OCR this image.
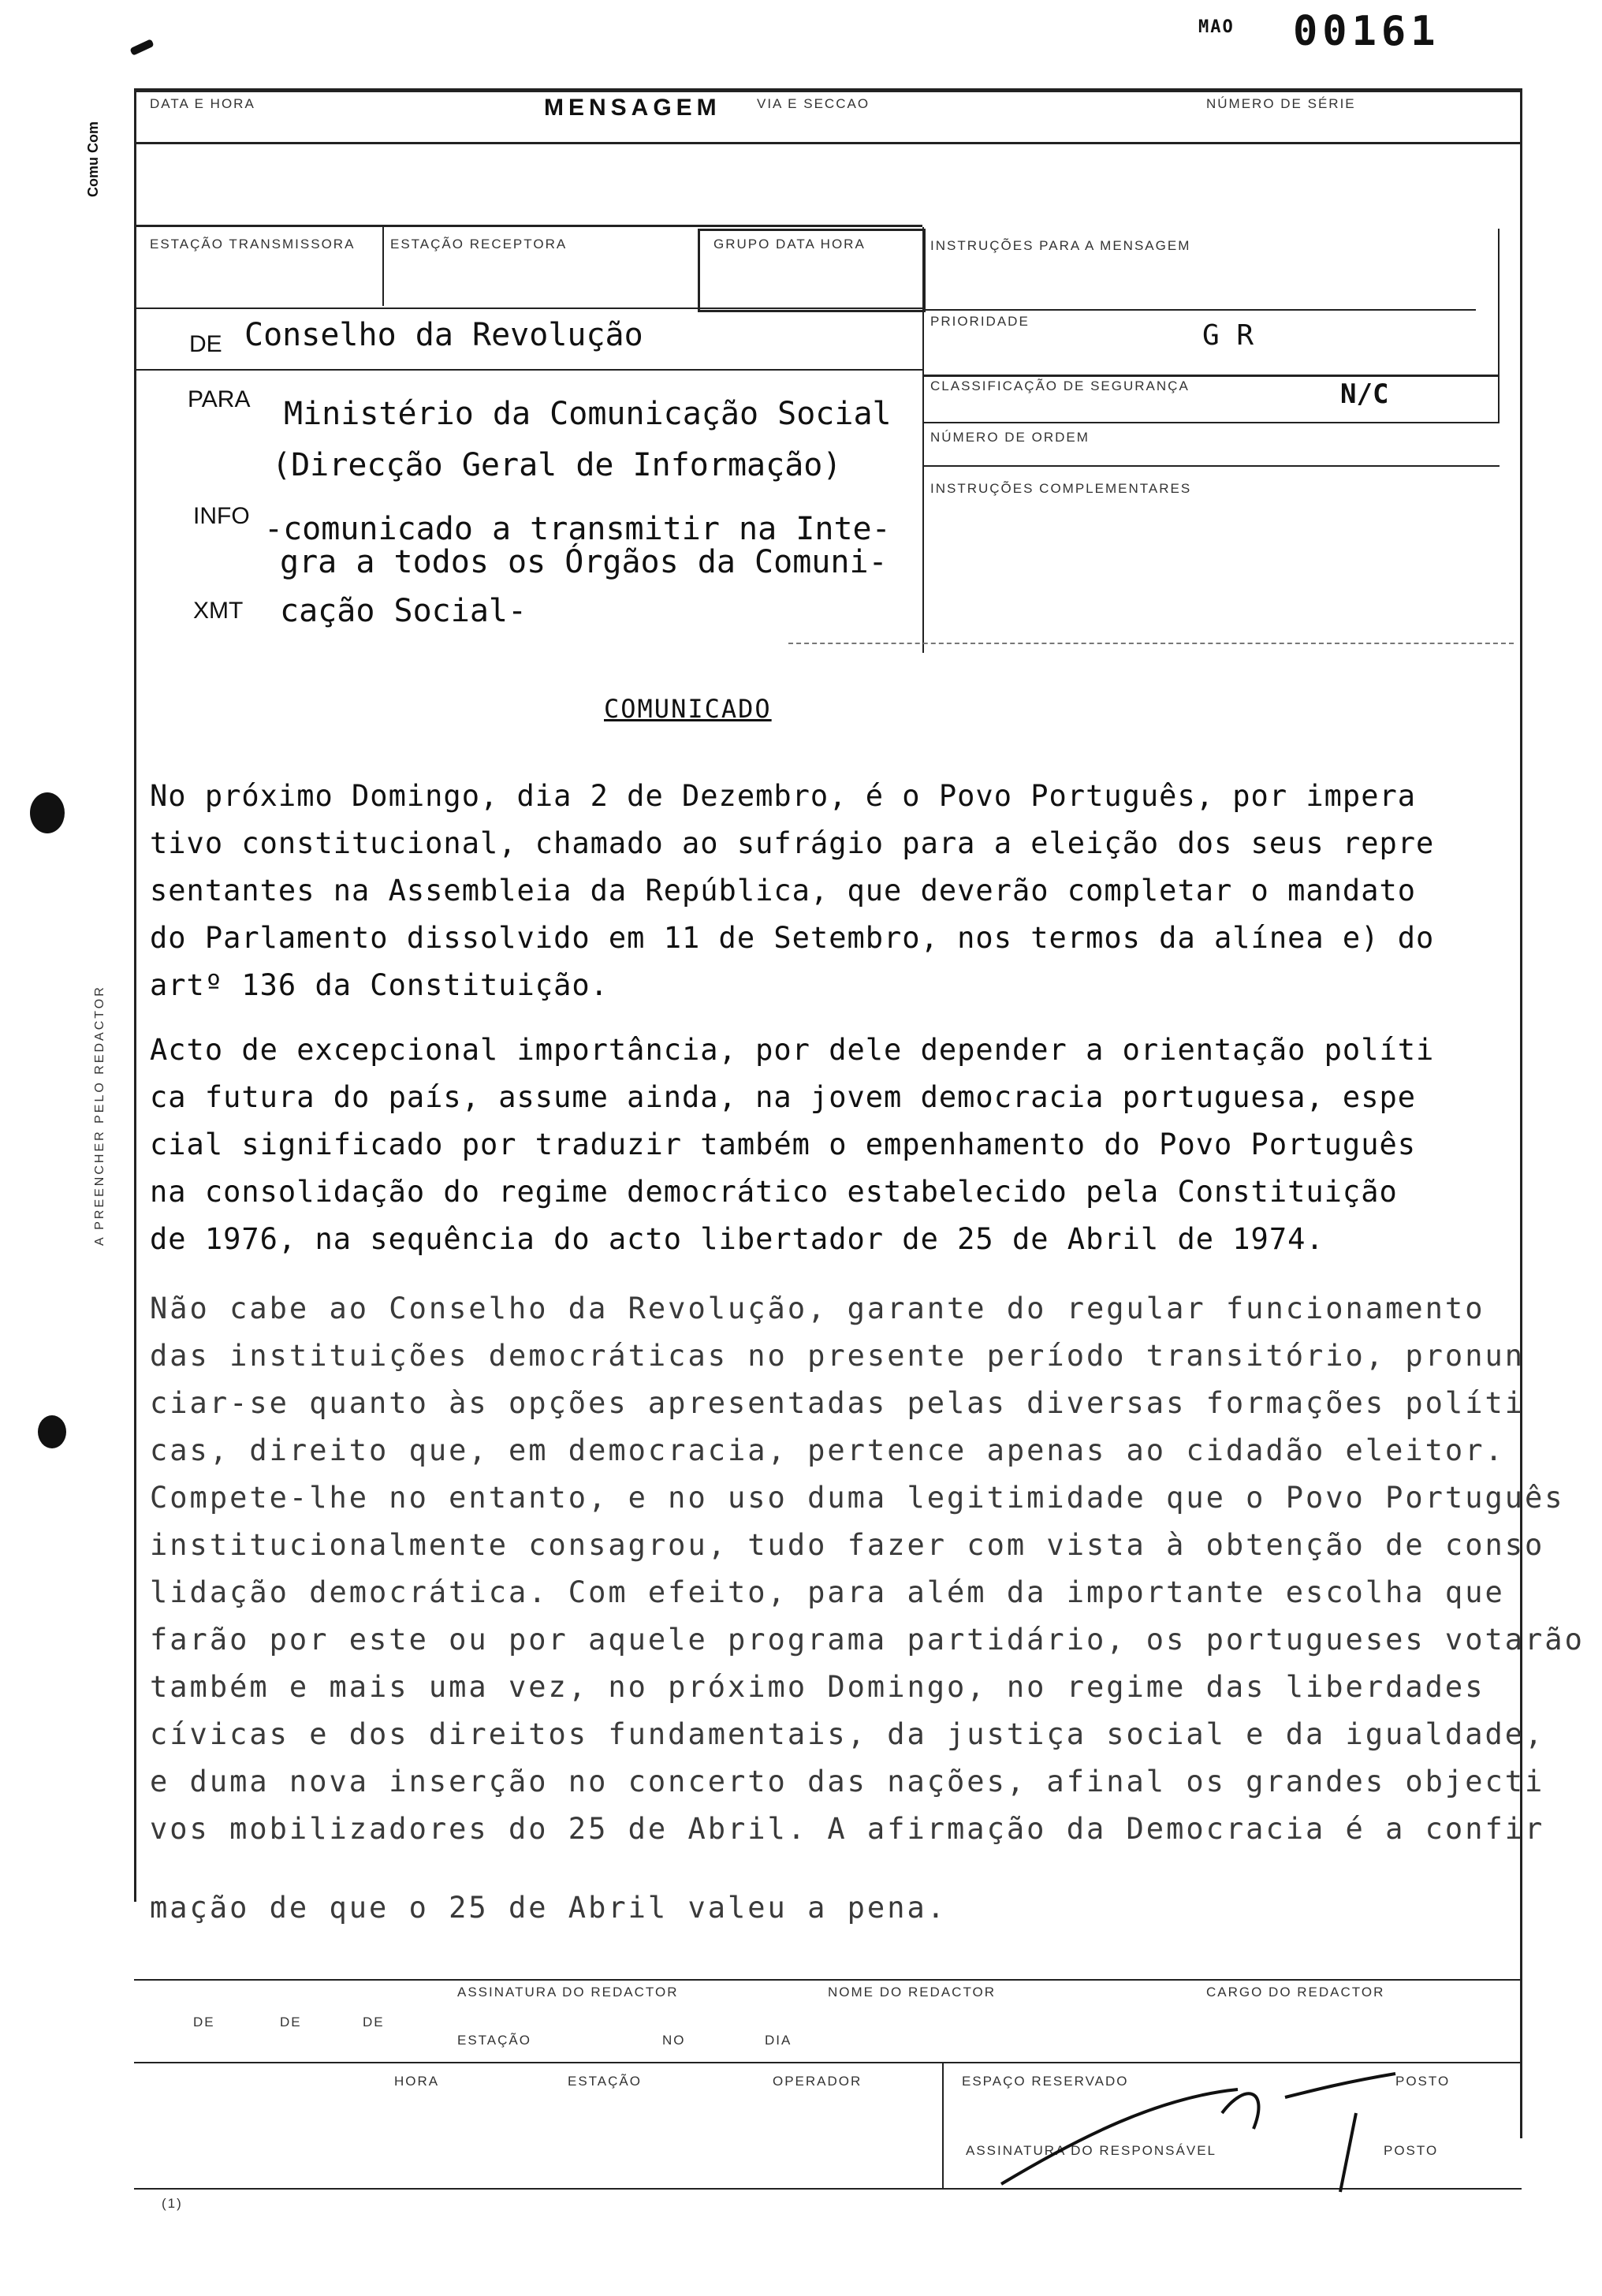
MAO 00161
DATA E HORA	MENSAGEM	VIA E SECCAO	NÚMERO DE SÉRIE
Comu Com
ESTAÇÃO TRANSMISSORA	ESTAÇÃO RECEPTORA	GRUPO DATA HORA
DE Conselho da Revolução
PARA Ministério da Comunicação Social
(Direcção Geral de Informação)
INFO -comunicado a transmitir na Inte-
gra a todos os Órgãos da Comuni-
XMT cação Social-
INSTRUÇÕES PARA A MENSAGEM
PRIORIDADE	G R
CLASSIFICAÇÃO DE SEGURANÇA	N/C
NÚMERO DE ORDEM
INSTRUÇÕES COMPLEMENTARES
COMUNICADO
No próximo Domingo, dia 2 de Dezembro, é o Povo Português, por impera
tivo constitucional, chamado ao sufrágio para a eleição dos seus repre
sentantes na Assembleia da República, que deverão completar o mandato
do Parlamento dissolvido em 11 de Setembro, nos termos da alínea e) do
artº 136 da Constituição.
Acto de excepcional importância, por dele depender a orientação políti
ca futura do país, assume ainda, na jovem democracia portuguesa, espe
cial significado por traduzir também o empenhamento do Povo Português
na consolidação do regime democrático estabelecido pela Constituição
de 1976, na sequência do acto libertador de 25 de Abril de 1974.
Não cabe ao Conselho da Revolução, garante do regular funcionamento
das instituições democráticas no presente período transitório, pronun
ciar-se quanto às opções apresentadas pelas diversas formações políti
cas, direito que, em democracia, pertence apenas ao cidadão eleitor.
Compete-lhe no entanto, e no uso duma legitimidade que o Povo Português
institucionalmente consagrou, tudo fazer com vista à obtenção de conso
lidação democrática. Com efeito, para além da importante escolha que
farão por este ou por aquele programa partidário, os portugueses votarão
também e mais uma vez, no próximo Domingo, no regime das liberdades
cívicas e dos direitos fundamentais, da justiça social e da igualdade,
e duma nova inserção no concerto das nações, afinal os grandes objecti
vos mobilizadores do 25 de Abril. A afirmação da Democracia é a confir
mação de que o 25 de Abril valeu a pena.
A PREENCHER PELO REDACTOR
ASSINATURA DO REDACTOR	NOME DO REDACTOR	CARGO DO REDACTOR
DE	DE	DE
ESTAÇÃO	NO	DIA
HORA	ESTAÇÃO	OPERADOR	ESPAÇO RESERVADO	POSTO
ASSINATURA DO RESPONSÁVEL	POSTO
(1)
